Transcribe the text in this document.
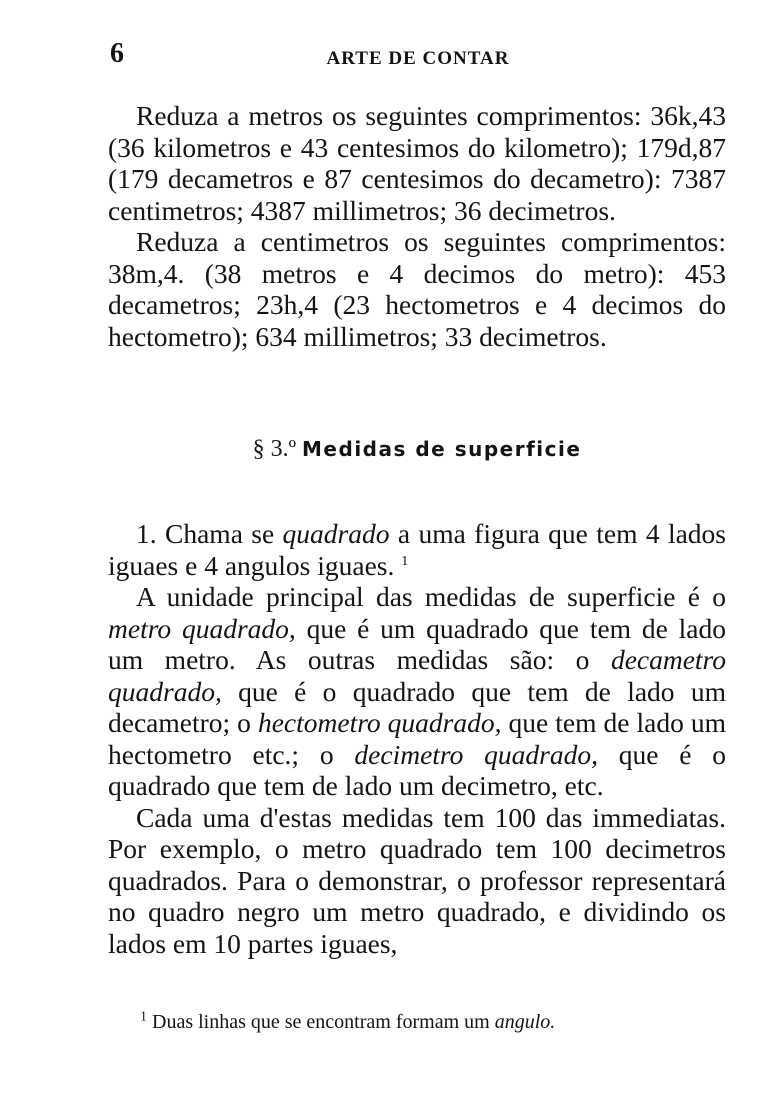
6	ARTE DE CONTAR

Reduza a metros os seguintes comprimentos: 36k,43 (36 kilometros e 43 centesimos do kilometro); 179d,87 (179 decametros e 87 centesimos do decametro): 7387 centimetros; 4387 millimetros; 36 decimetros.

Reduza a centimetros os seguintes comprimentos: 38m,4. (38 metros e 4 decimos do metro): 453 decametros; 23h,4 (23 hectometros e 4 decimos do hectometro); 634 millimetros; 33 decimetros.

§ 3.º Medidas de superficie

1. Chama se quadrado a uma figura que tem 4 lados iguaes e 4 angulos iguaes. $^1$

A unidade principal das medidas de superficie é o metro quadrado, que é um quadrado que tem de lado um metro. As outras medidas são: o decametro quadrado, que é o quadrado que tem de lado um decametro; o hectometro quadrado, que tem de lado um hectometro etc.; o decimetro quadrado, que é o quadrado que tem de lado um decimetro, etc.

Cada uma d'estas medidas tem 100 das immediatas. Por exemplo, o metro quadrado tem 100 decimetros quadrados. Para o demonstrar, o professor representará no quadro negro um metro quadrado, e dividindo os lados em 10 partes iguaes,

$^1$ Duas linhas que se encontram formam um angulo.
